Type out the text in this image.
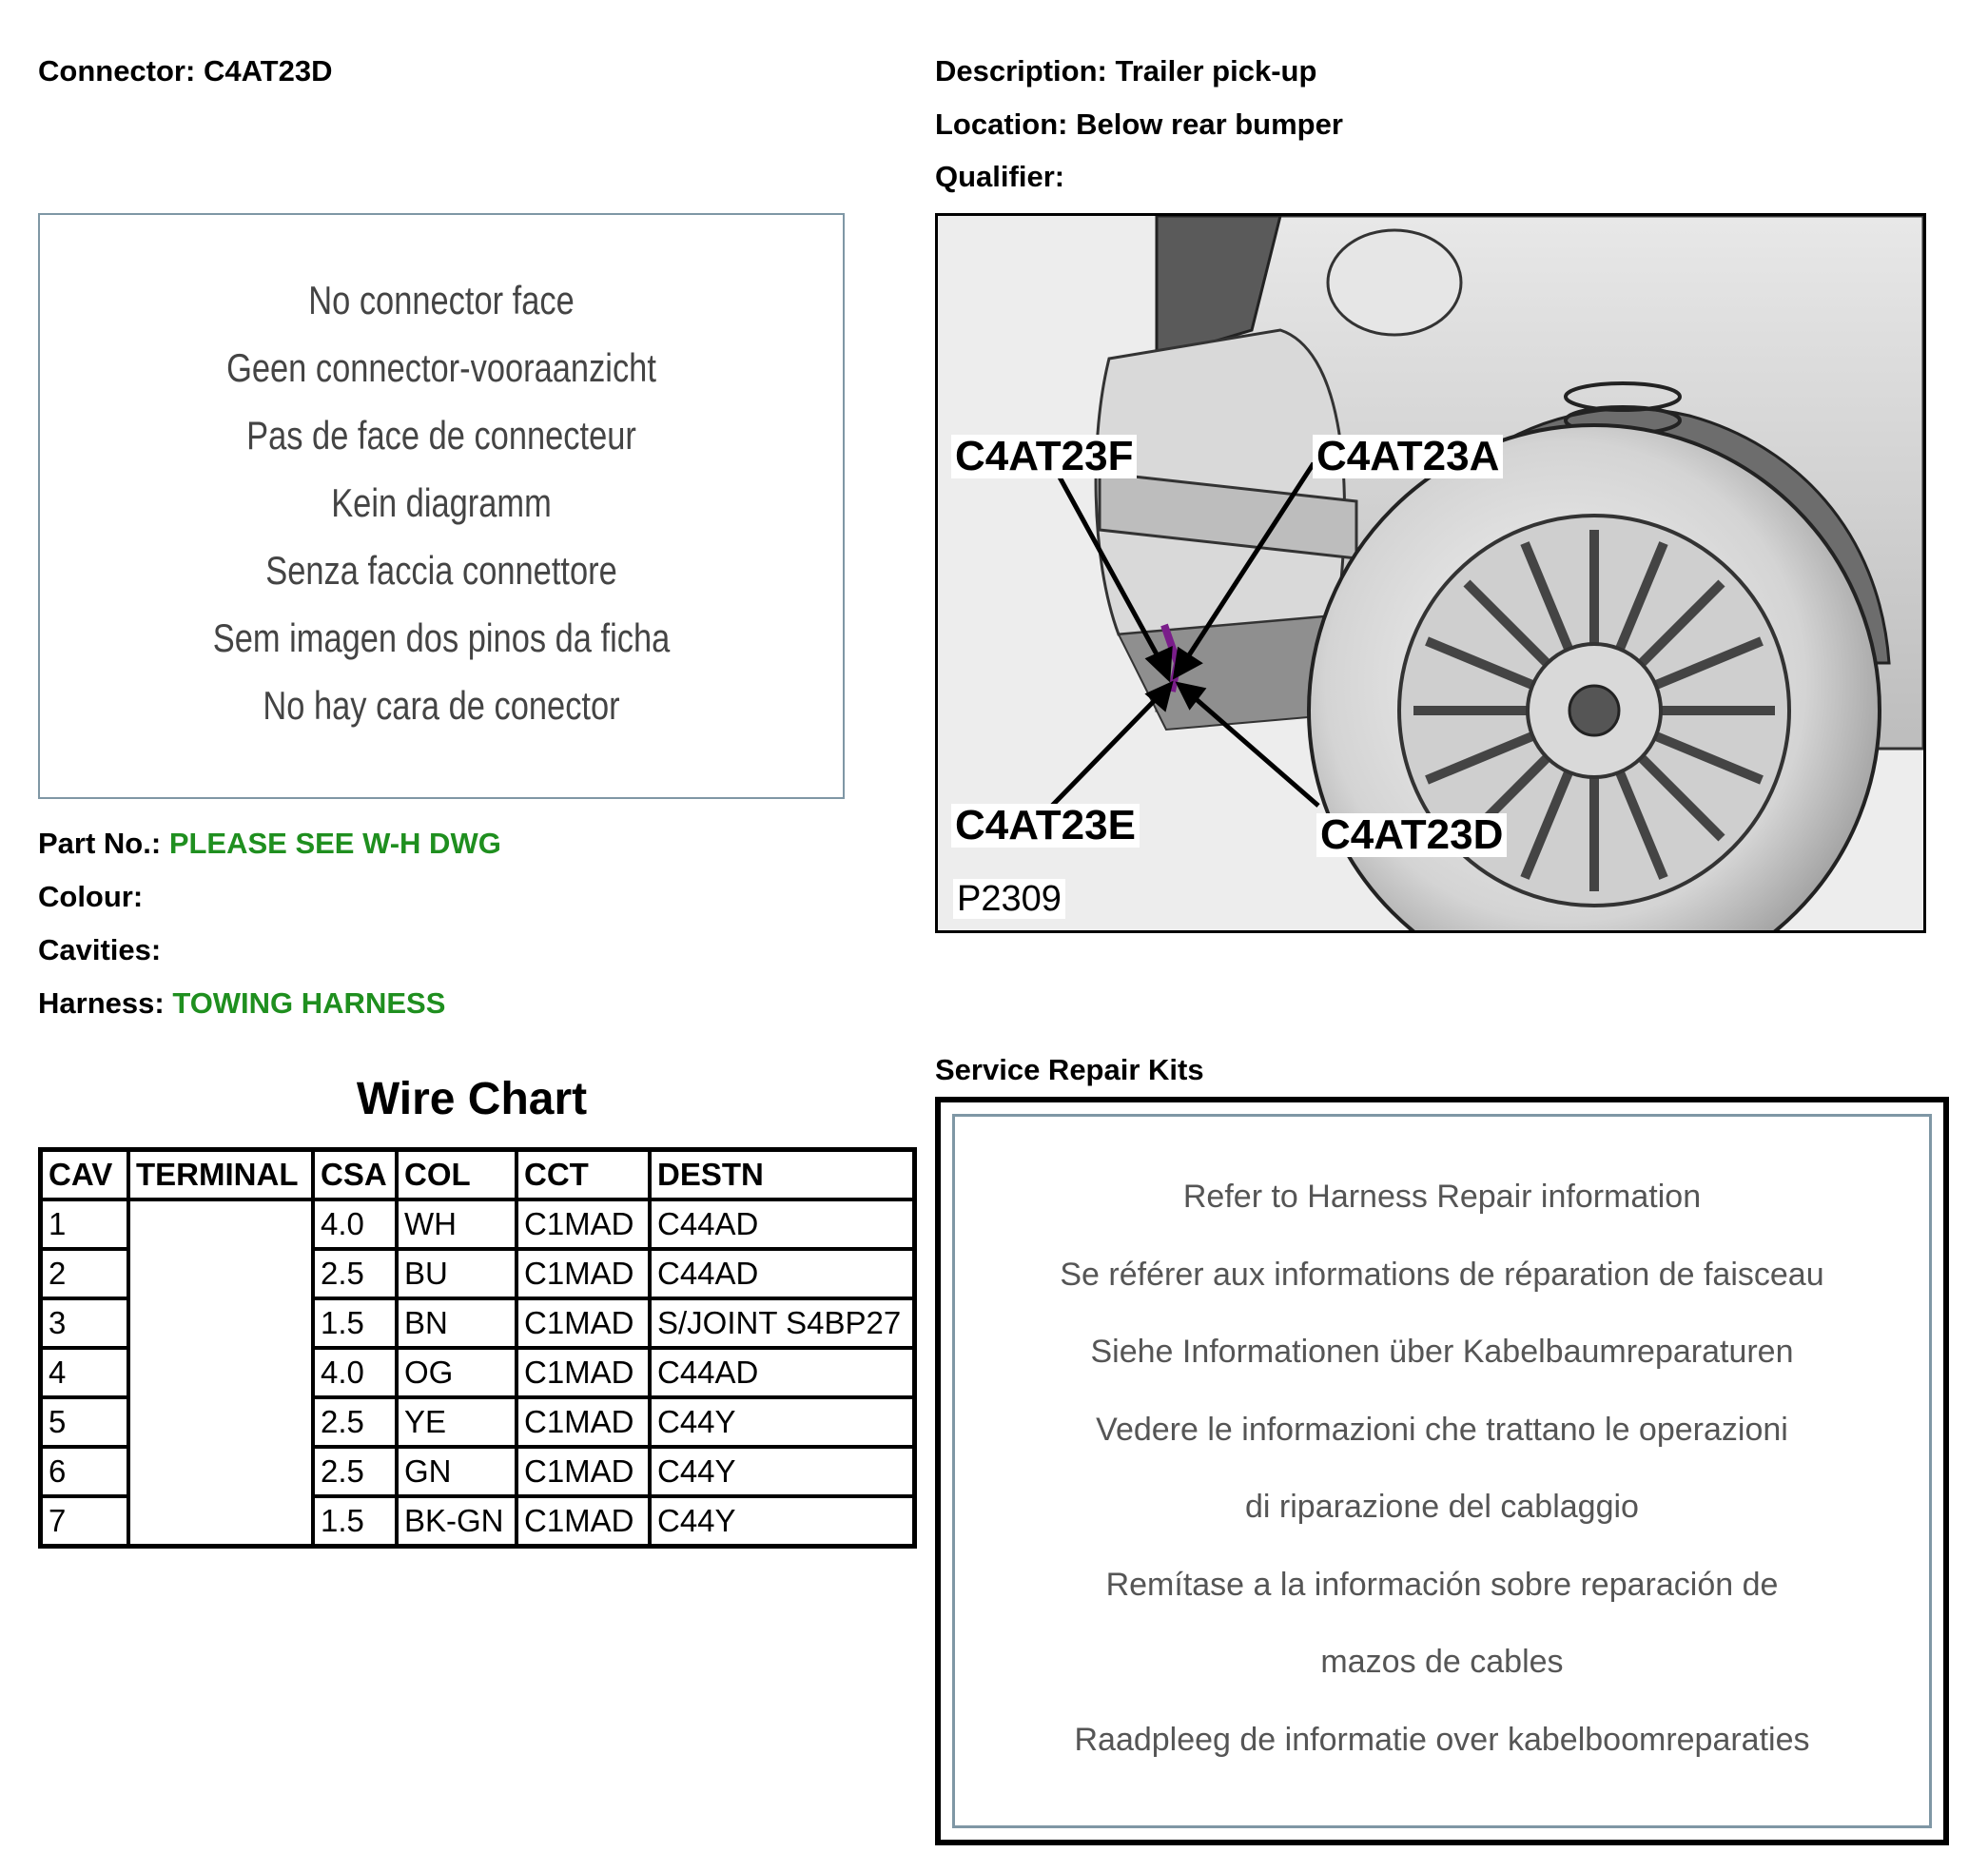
Connector: C4AT23D	Description: Trailer pick-up
Location: Below rear bumper
Qualifier:
No connector face
Geen connector-vooraanzicht
Pas de face de connecteur
Kein diagramm
Senza faccia connettore
Sem imagen dos pinos da ficha
No hay cara de conector
C4AT23F	C4AT23A
C4AT23E	C4AT23D
P2309
Part No.: PLEASE SEE W-H DWG
Colour:
Cavities:
Harness: TOWING HARNESS
Wire Chart
CAV	TERMINAL	CSA	COL	CCT	DESTN
1		4.0	WH	C1MAD	C44AD
2		2.5	BU	C1MAD	C44AD
3		1.5	BN	C1MAD	S/JOINT S4BP27
4		4.0	OG	C1MAD	C44AD
5		2.5	YE	C1MAD	C44Y
6		2.5	GN	C1MAD	C44Y
7		1.5	BK-GN	C1MAD	C44Y
Service Repair Kits
Refer to Harness Repair information
Se référer aux informations de réparation de faisceau
Siehe Informationen über Kabelbaumreparaturen
Vedere le informazioni che trattano le operazioni
di riparazione del cablaggio
Remítase a la información sobre reparación de
mazos de cables
Raadpleeg de informatie over kabelboomreparaties
